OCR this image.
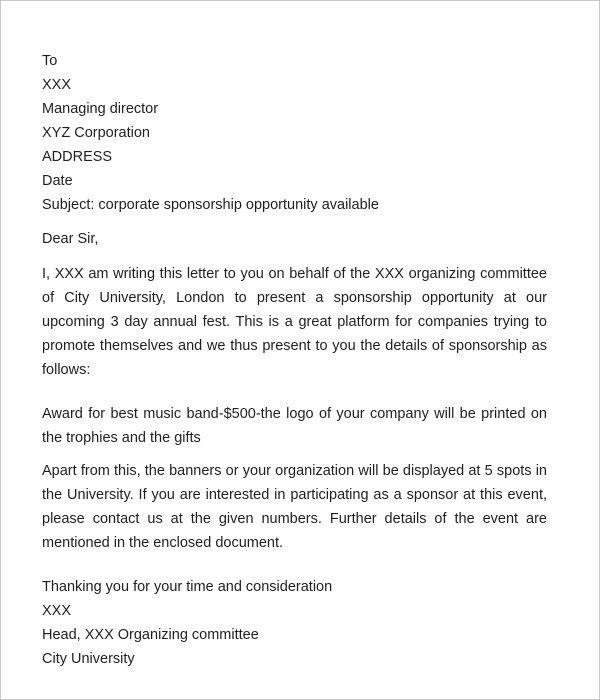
To

XXX

Managing director

XYZ Corporation

ADDRESS

Date

Subject: corporate sponsorship opportunity available

Dear Sir,

I, XXX am writing this letter to you on behalf of the XXX organizing committee of City University, London to present a sponsorship opportunity at our upcoming 3 day annual fest. This is a great platform for companies trying to promote themselves and we thus present to you the details of sponsorship as follows:

Award for best music band-$500-the logo of your company will be printed on the trophies and the gifts

Apart from this, the banners or your organization will be displayed at 5 spots in the University. If you are interested in participating as a sponsor at this event, please contact us at the given numbers. Further details of the event are mentioned in the enclosed document.

Thanking you for your time and consideration

XXX

Head, XXX Organizing committee

City University
